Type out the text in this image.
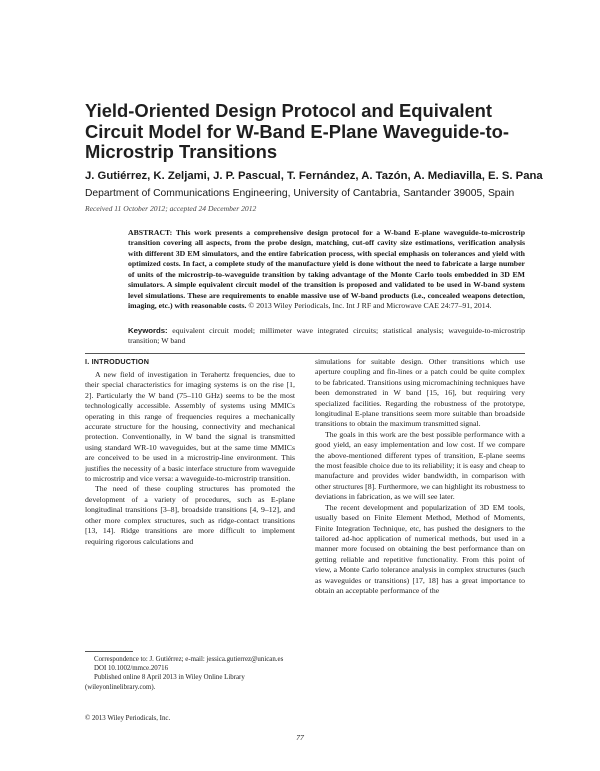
Yield-Oriented Design Protocol and Equivalent Circuit Model for W-Band E-Plane Waveguide-to-Microstrip Transitions

J. Gutiérrez, K. Zeljami, J. P. Pascual, T. Fernández, A. Tazón, A. Mediavilla, E. S. Pana

Department of Communications Engineering, University of Cantabria, Santander 39005, Spain

Received 11 October 2012; accepted 24 December 2012

ABSTRACT: This work presents a comprehensive design protocol for a W-band E-plane waveguide-to-microstrip transition covering all aspects, from the probe design, matching, cut-off cavity size estimations, verification analysis with different 3D EM simulators, and the entire fabrication process, with special emphasis on tolerances and yield with optimized costs. In fact, a complete study of the manufacture yield is done without the need to fabricate a large number of units of the microstrip-to-waveguide transition by taking advantage of the Monte Carlo tools embedded in 3D EM simulators. A simple equivalent circuit model of the transition is proposed and validated to be used in W-band system level simulations. These are requirements to enable massive use of W-band products (i.e., concealed weapons detection, imaging, etc.) with reasonable costs. © 2013 Wiley Periodicals, Inc. Int J RF and Microwave CAE 24:77–91, 2014.

Keywords: equivalent circuit model; millimeter wave integrated circuits; statistical analysis; waveguide-to-microstrip transition; W band

I. INTRODUCTION

A new field of investigation in Terahertz frequencies, due to their special characteristics for imaging systems is on the rise [1, 2]. Particularly the W band (75–110 GHz) seems to be the most technologically accessible. Assembly of systems using MMICs operating in this range of frequencies requires a mechanically accurate structure for the housing, connectivity and mechanical protection. Conventionally, in W band the signal is transmitted using standard WR-10 waveguides, but at the same time MMICs are conceived to be used in a microstrip-line environment. This justifies the necessity of a basic interface structure from waveguide to microstrip and vice versa: a waveguide-to-microstrip transition.

The need of these coupling structures has promoted the development of a variety of procedures, such as E-plane longitudinal transitions [3–8], broadside transitions [4, 9–12], and other more complex structures, such as ridge-contact transitions [13, 14]. Ridge transitions are more difficult to implement requiring rigorous calculations and

simulations for suitable design. Other transitions which use aperture coupling and fin-lines or a patch could be quite complex to be fabricated. Transitions using micromachining techniques have been demonstrated in W band [15, 16], but requiring very specialized facilities. Regarding the robustness of the prototype, longitudinal E-plane transitions seem more suitable than broadside transitions to obtain the maximum transmitted signal.

The goals in this work are the best possible performance with a good yield, an easy implementation and low cost. If we compare the above-mentioned different types of transition, E-plane seems the most feasible choice due to its reliability; it is easy and cheap to manufacture and provides wider bandwidth, in comparison with other structures [8]. Furthermore, we can highlight its robustness to deviations in fabrication, as we will see later.

The recent development and popularization of 3D EM tools, usually based on Finite Element Method, Method of Moments, Finite Integration Technique, etc, has pushed the designers to the tailored ad-hoc application of numerical methods, but used in a manner more focused on obtaining the best performance than on getting reliable and repetitive functionality. From this point of view, a Monte Carlo tolerance analysis in complex structures (such as waveguides or transitions) [17, 18] has a great importance to obtain an acceptable performance of the

Correspondence to: J. Gutiérrez; e-mail: jessica.gutierrez@unican.es

DOI 10.1002/mmce.20716

Published online 8 April 2013 in Wiley Online Library (wileyonlinelibrary.com).

© 2013 Wiley Periodicals, Inc.

77
